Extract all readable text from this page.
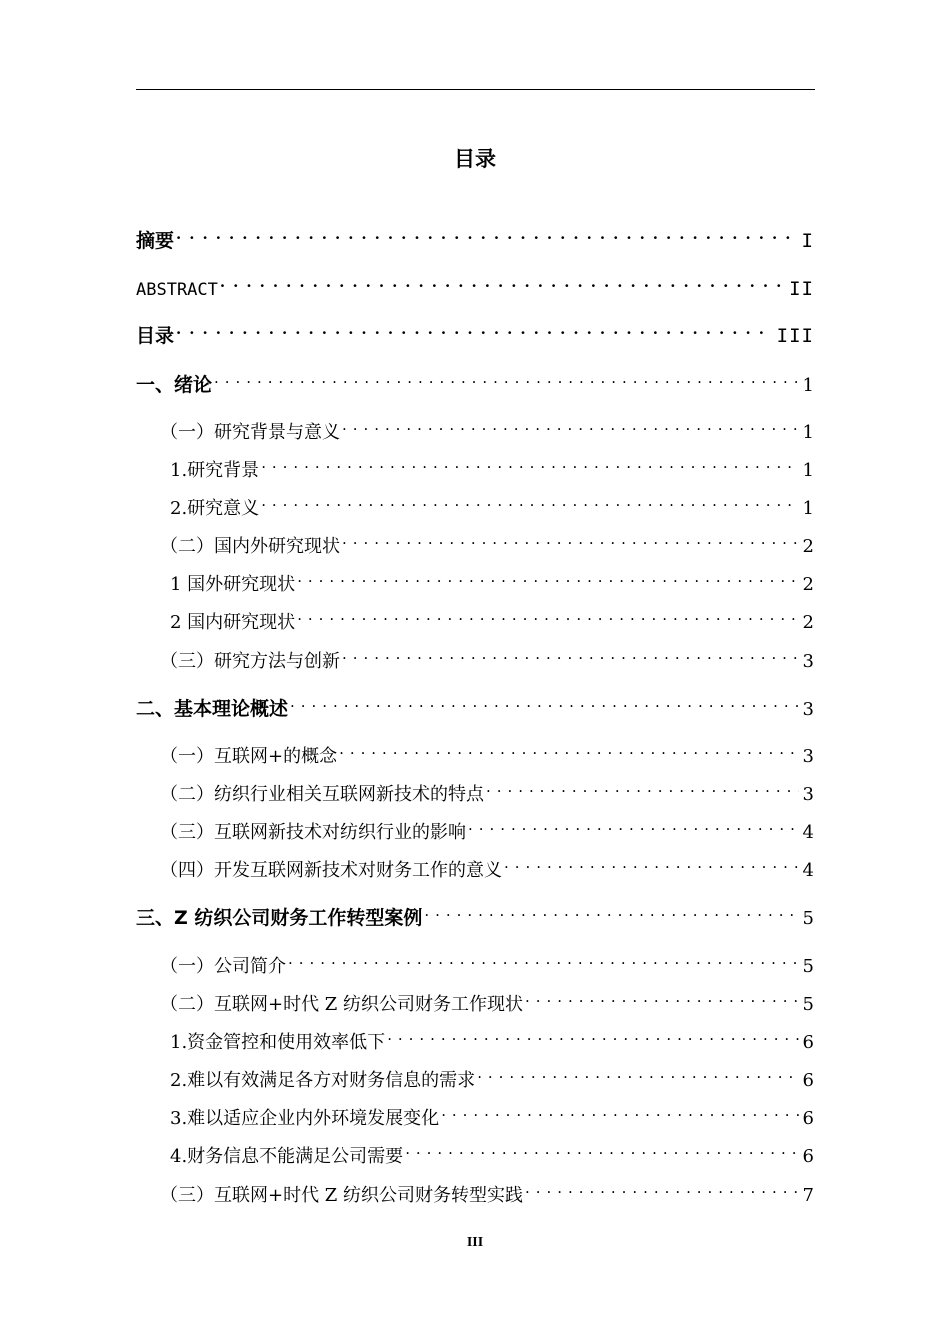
目录
摘要 . . .	I
ABSTRACT . . .	II
目录 . . .	III
一、绪论 . . .	1
（一）研究背景与意义 . . .	1
1.研究背景 . . .	1
2.研究意义 . . .	1
（二）国内外研究现状 . . .	2
1 国外研究现状 . . .	2
2 国内研究现状 . . .	2
（三）研究方法与创新 . . .	3
二、基本理论概述 . . .	3
（一）互联网+的概念 . . .	3
（二）纺织行业相关互联网新技术的特点 . . .	3
（三）互联网新技术对纺织行业的影响 . . .	4
（四）开发互联网新技术对财务工作的意义 . . .	4
三、Z 纺织公司财务工作转型案例 . . .	5
（一）公司简介 . . .	5
（二）互联网+时代 Z 纺织公司财务工作现状 . . .	5
1.资金管控和使用效率低下 . . .	6
2.难以有效满足各方对财务信息的需求 . . .	6
3.难以适应企业内外环境发展变化 . . .	6
4.财务信息不能满足公司需要 . . .	6
（三）互联网+时代 Z 纺织公司财务转型实践 . . .	7
III
